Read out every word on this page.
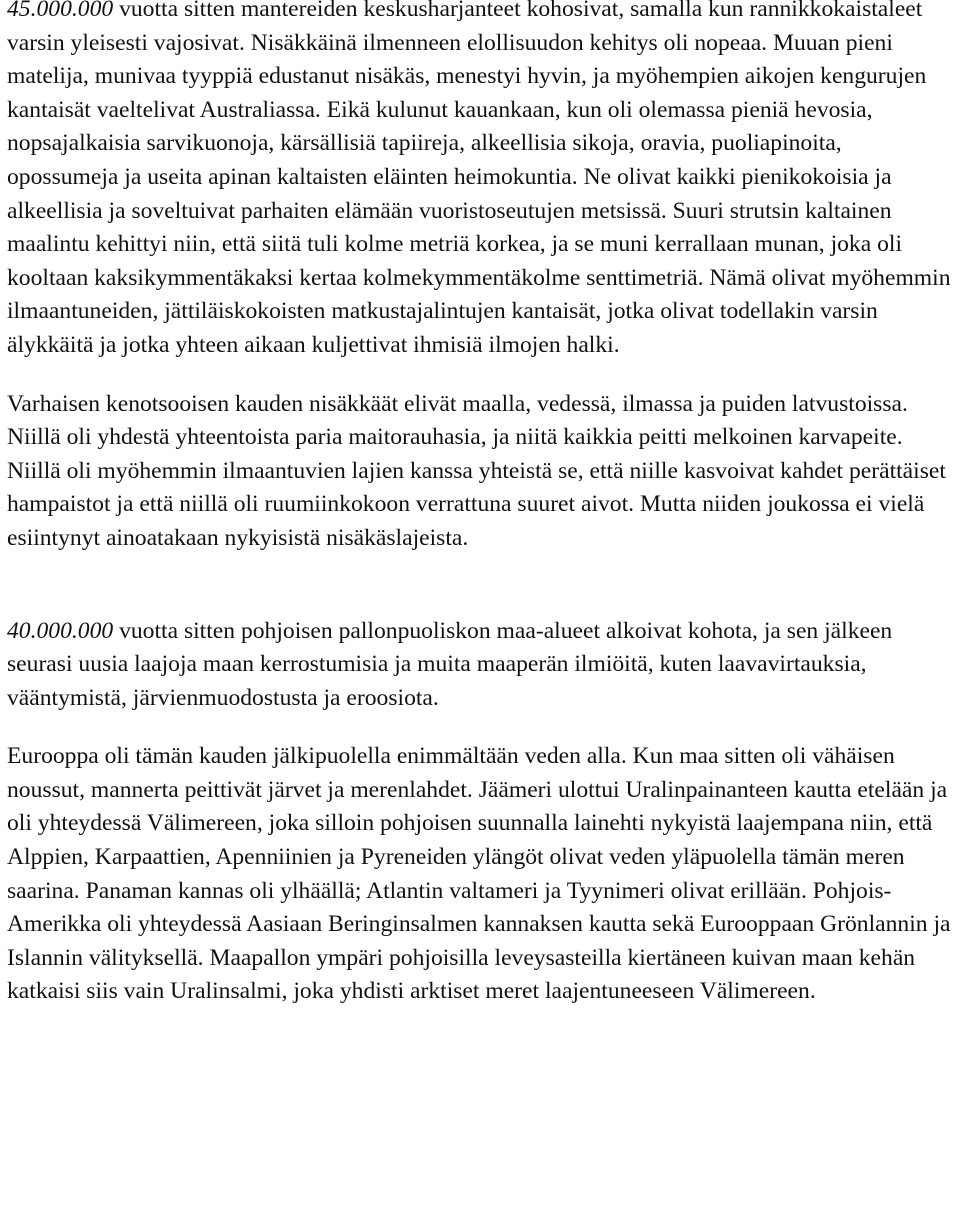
45.000.000 vuotta sitten mantereiden keskusharjanteet kohosivat, samalla kun rannikkokaistaleet varsin yleisesti vajosivat. Nisäkkäinä ilmenneen elollisuudon kehitys oli nopeaa. Muuan pieni matelija, munivaa tyyppiä edustanut nisäkäs, menestyi hyvin, ja myöhempien aikojen kengurujen kantaisät vaeltelivat Australiassa. Eikä kulunut kauankaan, kun oli olemassa pieniä hevosia, nopsajalkaisia sarvikuonoja, kärsällisiä tapiireja, alkeellisia sikoja, oravia, puoliapinoita, opossumeja ja useita apinan kaltaisten eläinten heimokuntia. Ne olivat kaikki pienikokoisia ja alkeellisia ja soveltuivat parhaiten elämään vuoristoseutujen metsissä. Suuri strutsin kaltainen maalintu kehittyi niin, että siitä tuli kolme metriä korkea, ja se muni kerrallaan munan, joka oli kooltaan kaksikymmentäkaksi kertaa kolmekymmentäkolme senttimetriä. Nämä olivat myöhemmin ilmaantuneiden, jättiläiskokoisten matkustajalintujen kantaisät, jotka olivat todellakin varsin älykkäitä ja jotka yhteen aikaan kuljettivat ihmisiä ilmojen halki.

Varhaisen kenotsooisen kauden nisäkkäät elivät maalla, vedessä, ilmassa ja puiden latvustoissa. Niillä oli yhdestä yhteentoista paria maitorauhasia, ja niitä kaikkia peitti melkoinen karvapeite. Niillä oli myöhemmin ilmaantuvien lajien kanssa yhteistä se, että niille kasvoivat kahdet perättäiset hampaistot ja että niillä oli ruumiinkokoon verrattuna suuret aivot. Mutta niiden joukossa ei vielä esiintynyt ainoatakaan nykyisistä nisäkäslajeista.

40.000.000 vuotta sitten pohjoisen pallonpuoliskon maa-alueet alkoivat kohota, ja sen jälkeen seurasi uusia laajoja maan kerrostumisia ja muita maaperän ilmiöitä, kuten laavavirtauksia, vääntymistä, järvienmuodostusta ja eroosiota.

Eurooppa oli tämän kauden jälkipuolella enimmältään veden alla. Kun maa sitten oli vähäisen noussut, mannerta peittivät järvet ja merenlahdet. Jäämeri ulottui Uralinpainanteen kautta etelään ja oli yhteydessä Välimereen, joka silloin pohjoisen suunnalla lainehti nykyistä laajempana niin, että Alppien, Karpaattien, Apenniinien ja Pyreneiden ylängöt olivat veden yläpuolella tämän meren saarina. Panaman kannas oli ylhäällä; Atlantin valtameri ja Tyynimeri olivat erillään. Pohjois-Amerikka oli yhteydessä Aasiaan Beringinsalmen kannaksen kautta sekä Eurooppaan Grönlannin ja Islannin välityksellä. Maapallon ympäri pohjoisilla leveysasteilla kiertäneen kuivan maan kehän katkaisi siis vain Uralinsalmi, joka yhdisti arktiset meret laajentuneeseen Välimereen.
